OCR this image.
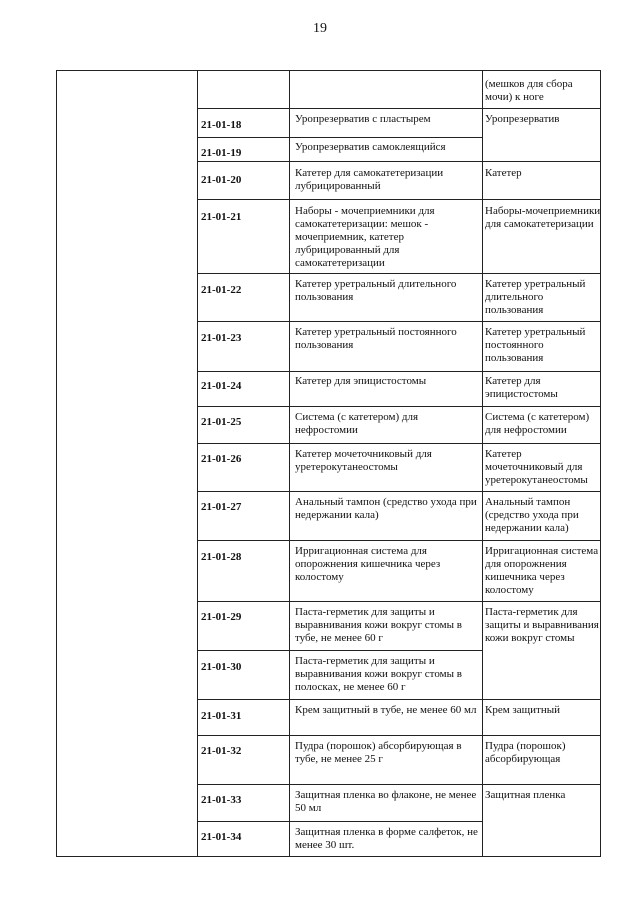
19
(мешков для сбора мочи) к ноге
21-01-18
21-01-19
21-01-20
21-01-21
21-01-22
21-01-23
21-01-24
21-01-25
21-01-26
21-01-27
21-01-28
21-01-29
21-01-30
21-01-31
21-01-32
21-01-33
21-01-34
Уропрезерватив с пластырем
Уропрезерватив самоклеящийся
Катетер для самокатетеризации лубрицированный
Наборы - мочеприемники для самокатетеризации: мешок - мочеприемник, катетер лубрицированный для самокатетеризации
Катетер уретральный длительного пользования
Катетер уретральный постоянного пользования
Катетер для эпицистостомы
Система (с катетером) для нефростомии
Катетер мочеточниковый для уретерокутанеостомы
Анальный тампон (средство ухода при недержании кала)
Ирригационная система для опорожнения кишечника через колостому
Паста-герметик для защиты и выравнивания кожи вокруг стомы в тубе, не менее 60 г
Паста-герметик для защиты и выравнивания кожи вокруг стомы в полосках, не менее 60 г
Крем защитный в тубе, не менее 60 мл
Пудра (порошок) абсорбирующая в тубе, не менее 25 г
Защитная пленка во флаконе, не менее 50 мл
Защитная пленка в форме салфеток, не менее 30 шт.
Уропрезерватив
Катетер
Наборы-мочеприемники для самокатетеризации
Катетер уретральный длительного пользования
Катетер уретральный постоянного пользования
Катетер для эпицистостомы
Система (с катетером) для нефростомии
Катетер мочеточниковый для уретерокутанеостомы
Анальный тампон (средство ухода при недержании кала)
Ирригационная система для опорожнения кишечника через колостому
Паста-герметик для защиты и выравнивания кожи вокруг стомы
Крем защитный
Пудра (порошок) абсорбирующая
Защитная пленка
